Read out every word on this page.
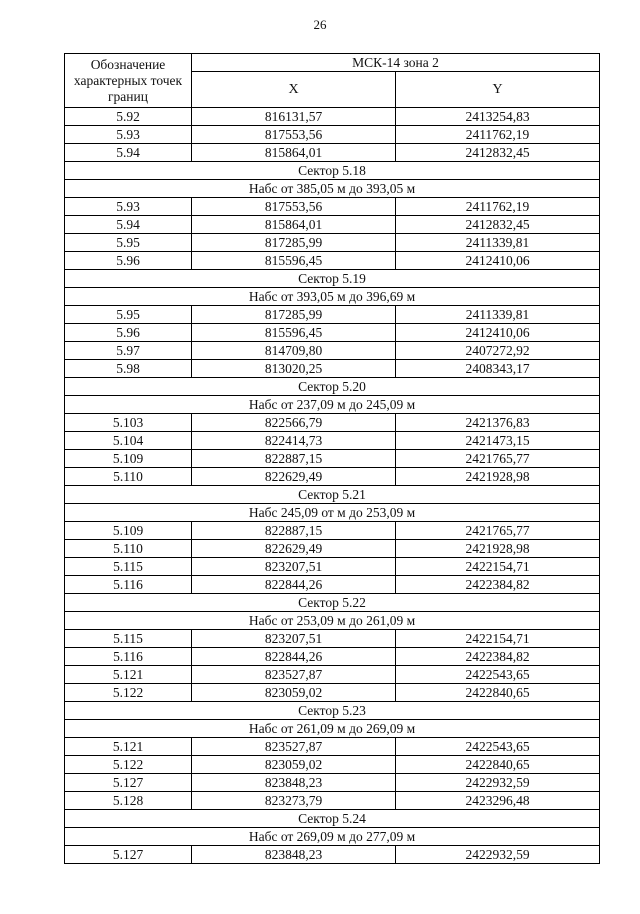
26
Обозначение характерных точек границ	МСК-14 зона 2	
	X	Y
5.92	816131,57	2413254,83
5.93	817553,56	2411762,19
5.94	815864,01	2412832,45
Сектор 5.18		
Набс от 385,05 м до 393,05 м		
5.93	817553,56	2411762,19
5.94	815864,01	2412832,45
5.95	817285,99	2411339,81
5.96	815596,45	2412410,06
Сектор 5.19		
Набс от 393,05 м до 396,69 м		
5.95	817285,99	2411339,81
5.96	815596,45	2412410,06
5.97	814709,80	2407272,92
5.98	813020,25	2408343,17
Сектор 5.20		
Набс от 237,09 м до 245,09 м		
5.103	822566,79	2421376,83
5.104	822414,73	2421473,15
5.109	822887,15	2421765,77
5.110	822629,49	2421928,98
Сектор 5.21		
Набс 245,09 от м до 253,09 м		
5.109	822887,15	2421765,77
5.110	822629,49	2421928,98
5.115	823207,51	2422154,71
5.116	822844,26	2422384,82
Сектор 5.22		
Набс от 253,09 м до 261,09 м		
5.115	823207,51	2422154,71
5.116	822844,26	2422384,82
5.121	823527,87	2422543,65
5.122	823059,02	2422840,65
Сектор 5.23		
Набс от 261,09 м до 269,09 м		
5.121	823527,87	2422543,65
5.122	823059,02	2422840,65
5.127	823848,23	2422932,59
5.128	823273,79	2423296,48
Сектор 5.24		
Набс от 269,09 м до 277,09 м		
5.127	823848,23	2422932,59
